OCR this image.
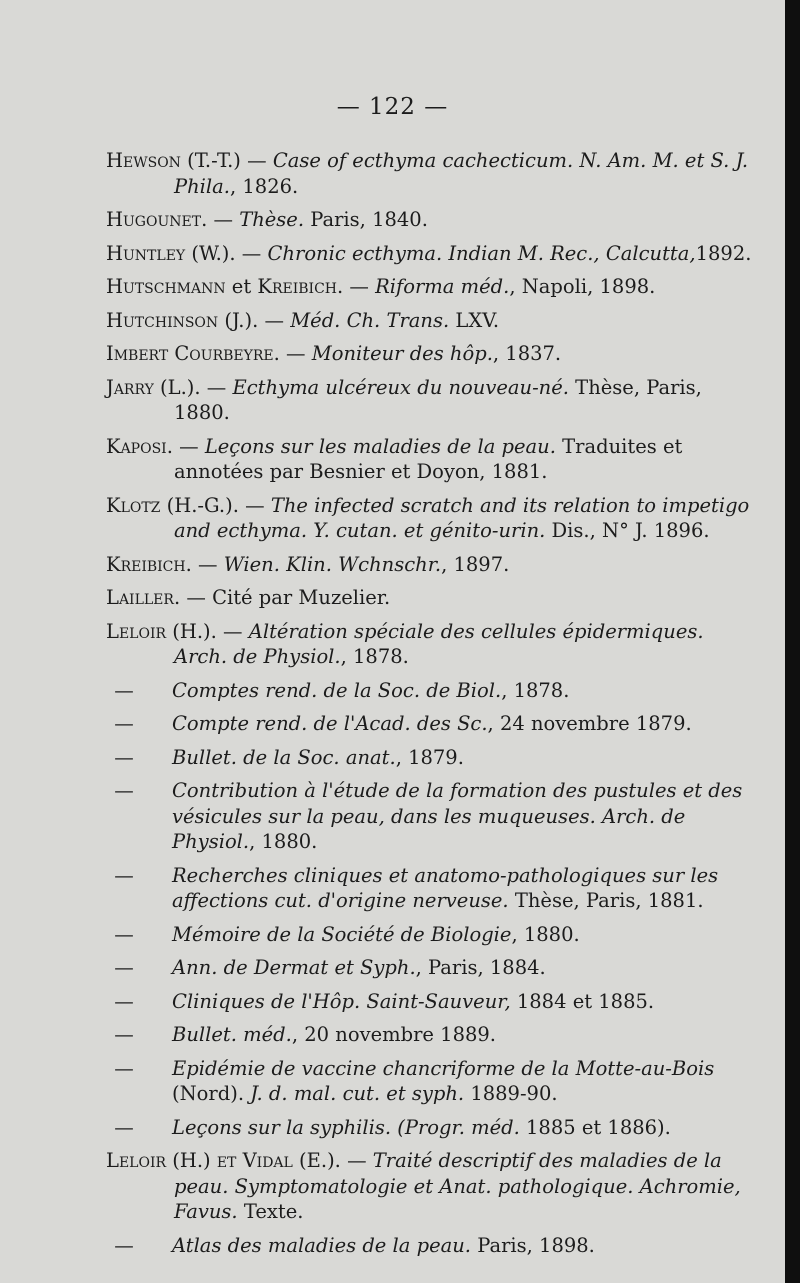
— 122 —
Hewson (T.-T.) — Case of ecthyma cachecticum. N. Am. M. et S. J. Phila., 1826.
Hugounet. — Thèse. Paris, 1840.
Huntley (W.). — Chronic ecthyma. Indian M. Rec., Calcutta,1892.
Hutschmann et Kreibich. — Riforma méd., Napoli, 1898.
Hutchinson (J.). — Méd. Ch. Trans. LXV.
Imbert Courbeyre. — Moniteur des hôp., 1837.
Jarry (L.). — Ecthyma ulcéreux du nouveau-né. Thèse, Paris, 1880.
Kaposi. — Leçons sur les maladies de la peau. Traduites et annotées par Besnier et Doyon, 1881.
Klotz (H.-G.). — The infected scratch and its relation to impetigo and ecthyma. Y. cutan. et génito-urin. Dis., N° J. 1896.
Kreibich. — Wien. Klin. Wchnschr., 1897.
Lailler. — Cité par Muzelier.
Leloir (H.). — Altération spéciale des cellules épidermiques. Arch. de Physiol., 1878.
—	Comptes rend. de la Soc. de Biol., 1878.
—	Compte rend. de l'Acad. des Sc., 24 novembre 1879.
—	Bullet. de la Soc. anat., 1879.
—	Contribution à l'étude de la formation des pustules et des vésicules sur la peau, dans les muqueuses. Arch. de Physiol., 1880.
—	Recherches cliniques et anatomo-pathologiques sur les affections cut. d'origine nerveuse. Thèse, Paris, 1881.
—	Mémoire de la Société de Biologie, 1880.
—	Ann. de Dermat et Syph., Paris, 1884.
—	Cliniques de l'Hôp. Saint-Sauveur, 1884 et 1885.
—	Bullet. méd., 20 novembre 1889.
—	Epidémie de vaccine chancriforme de la Motte-au-Bois (Nord). J. d. mal. cut. et syph. 1889-90.
—	Leçons sur la syphilis. (Progr. méd. 1885 et 1886).
Leloir (H.) et Vidal (E.). — Traité descriptif des maladies de la peau. Symptomatologie et Anat. pathologique. Achromie, Favus. Texte.
—	Atlas des maladies de la peau. Paris, 1898.
